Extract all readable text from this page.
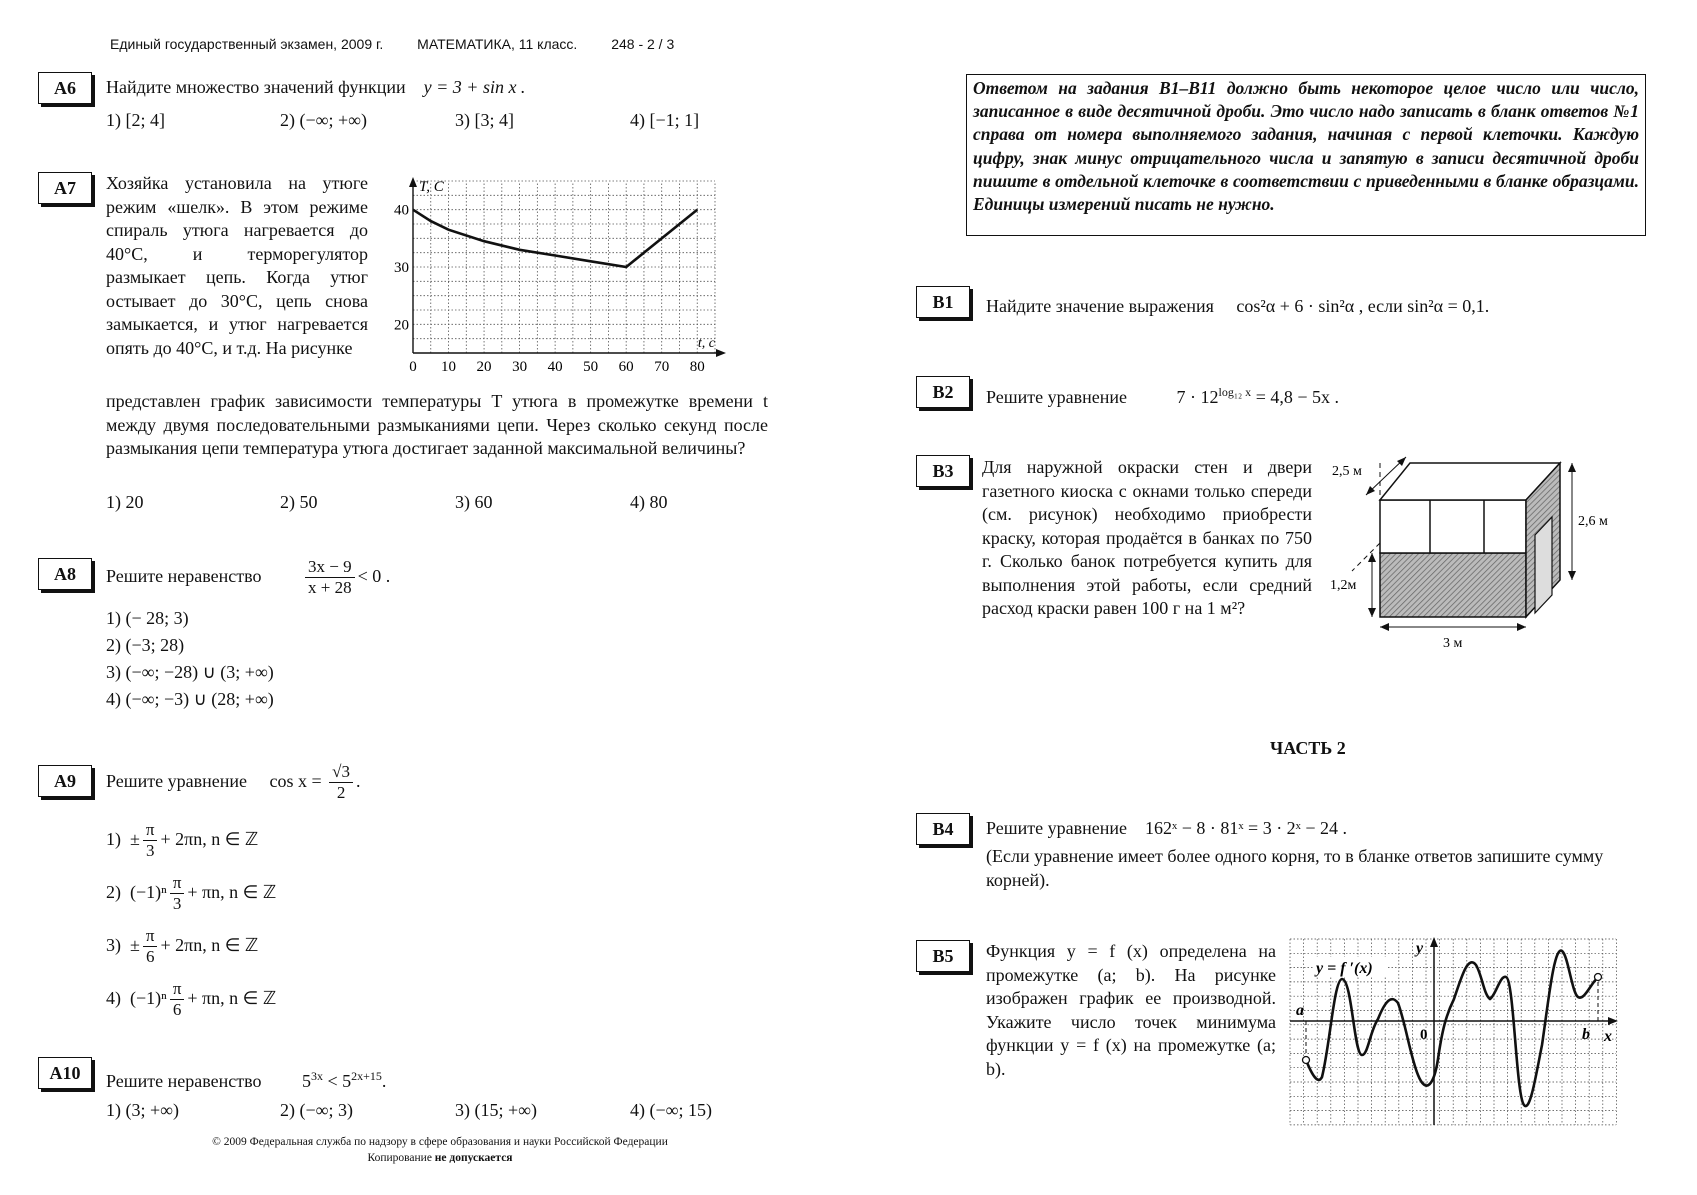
Единый государственный экзамен, 2009 г. МАТЕМАТИКА, 11 класс. 248 - 2 / 3
А6	Найдите множество значений функции y = 3 + sin x .
1) [2; 4]	2) (−∞; +∞)	3) [3; 4]	4) [−1; 1]
А7	Хозяйка установила на утюге режим «шелк». В этом режиме спираль утюга нагревается до 40°С, и терморегулятор размыкает цепь. Когда утюг остывает до 30°С, цепь снова замыкается, и утюг нагревается опять до 40°С, и т.д. На рисунке
представлен график зависимости температуры T утюга в промежутке времени t между двумя последовательными размыканиями цепи. Через сколько секунд после размыкания цепи температура утюга достигает заданной максимальной величины?
1) 20	2) 50	3) 60	4) 80
T, С
t, с
0 10 20 30 40 50 60 70 80
20
30
40
А8	Решите неравенство	$\frac{3x - 9}{x + 28} < 0$ .
1) (− 28; 3)
2) (−3; 28)
3) (−∞; −28) ∪ (3; +∞)
4) (−∞; −3) ∪ (28; +∞)
А9	Решите уравнение $\cos x = \frac{√3}{2}$ .
$1) \pm \frac{\pi}{3} + 2\pi n$, n ∈ ℤ
2) $(-1)^n \frac{\pi}{3} + \pi n$, n ∈ ℤ
$3) \pm \frac{\pi}{6} + 2\pi n$, n ∈ ℤ
4) $(-1)^n \frac{\pi}{6} + \pi n$, n ∈ ℤ
А10	Решите неравенство $5^{3x} < 5^{2x+15}$.
1) (3; +∞)	2) (−∞; 3)	3) (15; +∞)	4) (−∞; 15)
© 2009 Федеральная служба по надзору в сфере образования и науки Российской Федерации
Копирование не допускается
Ответом на задания В1–В11 должно быть некоторое целое число или число, записанное в виде десятичной дроби. Это число надо записать в бланк ответов №1 справа от номера выполняемого задания, начиная с первой клеточки. Каждую цифру, знак минус отрицательного числа и запятую в записи десятичной дроби пишите в отдельной клеточке в соответствии с приведенными в бланке образцами. Единицы измерений писать не нужно.
В1	Найдите значение выражения cos²α + 6 · sin²α , если sin²α = 0,1.
В2	Решите уравнение	$7 \cdot 12^{log_{12} x} = 4,8 - 5x$ .
В3	Для наружной окраски стен и двери газетного киоска с окнами только спереди (см. рисунок) необходимо приобрести краску, которая продаётся в банках по 750 г. Сколько банок потребуется купить для выполнения этой работы, если средний расход краски равен 100 г на 1 м²?
2,5 м
2,6 м
1,2м
3 м
ЧАСТЬ 2
В4	Решите уравнение 162ˣ − 8 · 81ˣ = 3 · 2ˣ − 24 .
(Если уравнение имеет более одного корня, то в бланке ответов запишите сумму корней).
В5	Функция y = f (x) определена на промежутке (a; b). На рисунке изображен график ее производной. Укажите число точек минимума функции y = f (x) на промежутке (a; b).
y
x
0
a
b
y = f ′(x)
